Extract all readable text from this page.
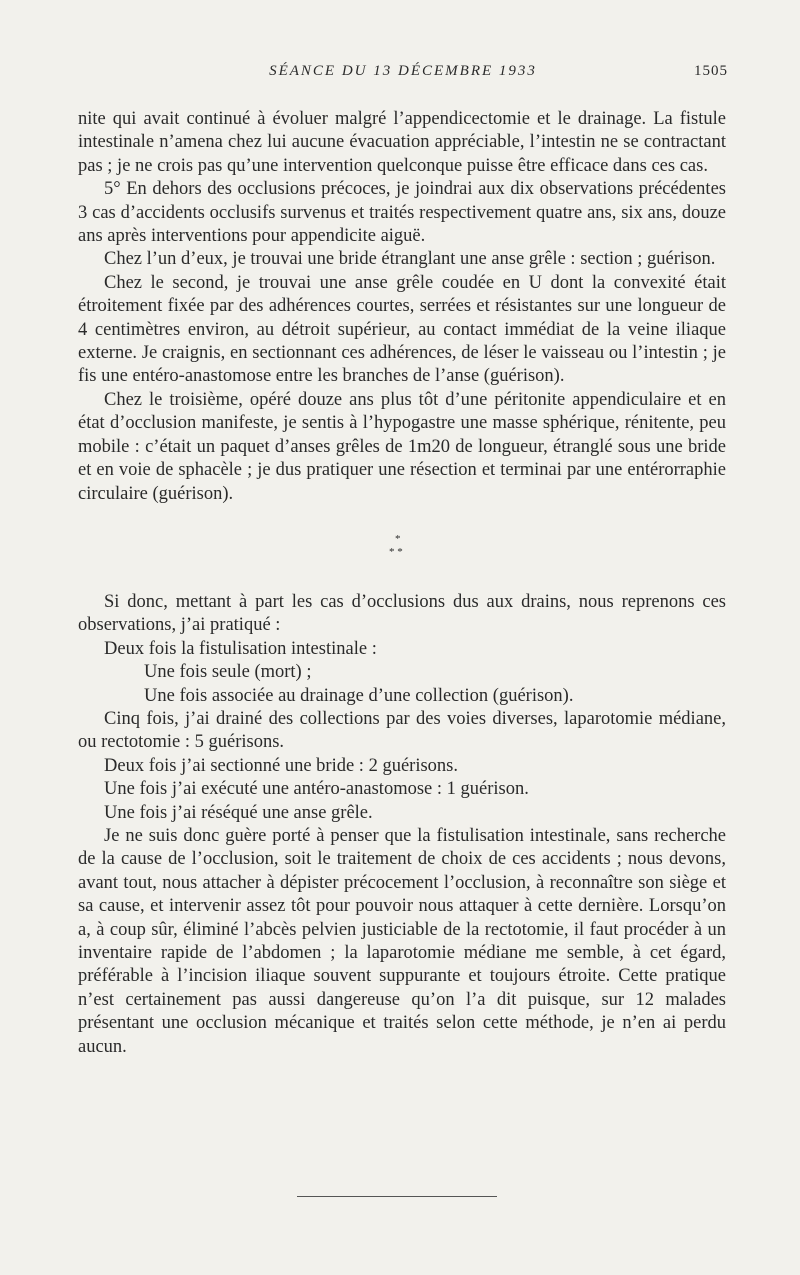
SÉANCE DU 13 DÉCEMBRE 1933	1505

nite qui avait continué à évoluer malgré l’appendicectomie et le drainage. La fistule intestinale n’amena chez lui aucune évacuation appréciable, l’intestin ne se contractant pas ; je ne crois pas qu’une intervention quelconque puisse être efficace dans ces cas.

5° En dehors des occlusions précoces, je joindrai aux dix observations précédentes 3 cas d’accidents occlusifs survenus et traités respectivement quatre ans, six ans, douze ans après interventions pour appendicite aiguë.

Chez l’un d’eux, je trouvai une bride étranglant une anse grêle : section ; guérison.

Chez le second, je trouvai une anse grêle coudée en U dont la convexité était étroitement fixée par des adhérences courtes, serrées et résistantes sur une longueur de 4 centimètres environ, au détroit supérieur, au contact immédiat de la veine iliaque externe. Je craignis, en sectionnant ces adhérences, de léser le vaisseau ou l’intestin ; je fis une entéro-anastomose entre les branches de l’anse (guérison).

Chez le troisième, opéré douze ans plus tôt d’une péritonite appendiculaire et en état d’occlusion manifeste, je sentis à l’hypogastre une masse sphérique, rénitente, peu mobile : c’était un paquet d’anses grêles de 1m20 de longueur, étranglé sous une bride et en voie de sphacèle ; je dus pratiquer une résection et terminai par une entérorraphie circulaire (guérison).

*
* *

Si donc, mettant à part les cas d’occlusions dus aux drains, nous reprenons ces observations, j’ai pratiqué :

Deux fois la fistulisation intestinale :

Une fois seule (mort) ;

Une fois associée au drainage d’une collection (guérison).

Cinq fois, j’ai drainé des collections par des voies diverses, laparotomie médiane, ou rectotomie : 5 guérisons.

Deux fois j’ai sectionné une bride : 2 guérisons.

Une fois j’ai exécuté une antéro-anastomose : 1 guérison.

Une fois j’ai réséqué une anse grêle.

Je ne suis donc guère porté à penser que la fistulisation intestinale, sans recherche de la cause de l’occlusion, soit le traitement de choix de ces accidents ; nous devons, avant tout, nous attacher à dépister précocement l’occlusion, à reconnaître son siège et sa cause, et intervenir assez tôt pour pouvoir nous attaquer à cette dernière. Lorsqu’on a, à coup sûr, éliminé l’abcès pelvien justiciable de la rectotomie, il faut procéder à un inventaire rapide de l’abdomen ; la laparotomie médiane me semble, à cet égard, préférable à l’incision iliaque souvent suppurante et toujours étroite. Cette pratique n’est certainement pas aussi dangereuse qu’on l’a dit puisque, sur 12 malades présentant une occlusion mécanique et traités selon cette méthode, je n’en ai perdu aucun.
